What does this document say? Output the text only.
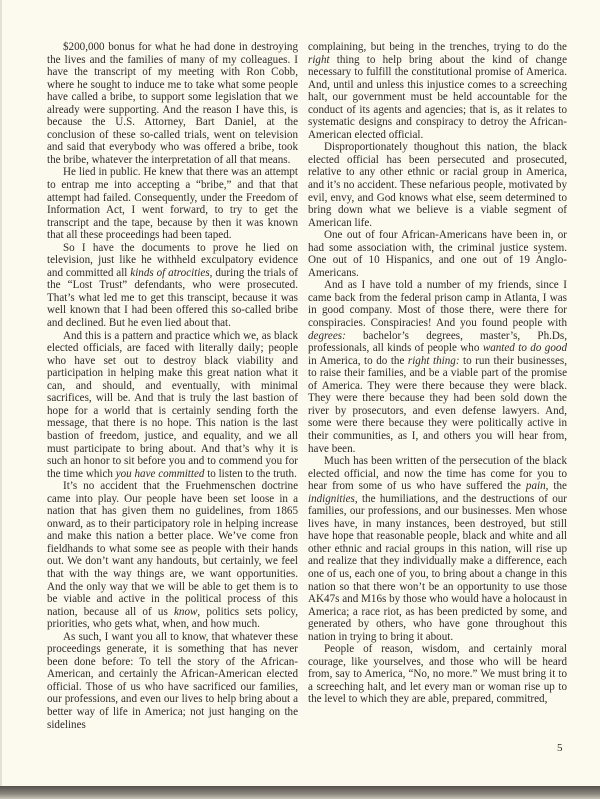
$200,000 bonus for what he had done in destroying the lives and the families of many of my colleagues. I have the transcript of my meeting with Ron Cobb, where he sought to induce me to take what some people have called a bribe, to support some legislation that we already were supporting. And the reason I have this, is because the U.S. Attorney, Bart Daniel, at the conclusion of these so-called trials, went on television and said that everybody who was offered a bribe, took the bribe, whatever the interpretation of all that means.

He lied in public. He knew that there was an attempt to entrap me into accepting a “bribe,” and that that attempt had failed. Consequently, under the Freedom of Information Act, I went forward, to try to get the transcript and the tape, because by then it was known that all these proceedings had been taped.

So I have the documents to prove he lied on television, just like he withheld exculpatory evidence and committed all kinds of atrocities, during the trials of the “Lost Trust” defendants, who were prosecuted. That’s what led me to get this transcipt, because it was well known that I had been offered this so-called bribe and declined. But he even lied about that.

And this is a pattern and practice which we, as black elected officials, are faced with literally daily; people who have set out to destroy black viability and participation in helping make this great nation what it can, and should, and eventually, with minimal sacrifices, will be. And that is truly the last bastion of hope for a world that is certainly sending forth the message, that there is no hope. This nation is the last bastion of freedom, justice, and equality, and we all must participate to bring about. And that’s why it is such an honor to sit before you and to commend you for the time which you have committed to listen to the truth.

It’s no accident that the Fruehmenschen doctrine came into play. Our people have been set loose in a nation that has given them no guidelines, from 1865 onward, as to their participatory role in helping increase and make this nation a better place. We’ve come fron fieldhands to what some see as people with their hands out. We don’t want any handouts, but certainly, we feel that with the way things are, we want opportunities. And the only way that we will be able to get them is to be viable and active in the political process of this nation, because all of us know, politics sets policy, priorities, who gets what, when, and how much.

As such, I want you all to know, that whatever these proceedings generate, it is something that has never been done before: To tell the story of the African-American, and certainly the African-American elected official. Those of us who have sacrificed our families, our professions, and even our lives to help bring about a better way of life in America; not just hanging on the sidelines

complaining, but being in the trenches, trying to do the right thing to help bring about the kind of change necessary to fulfill the constitutional promise of America. And, until and unless this injustice comes to a screeching halt, our government must be held accountable for the conduct of its agents and agencies; that is, as it relates to systematic designs and conspiracy to detroy the African-American elected official.

Disproportionately thoughout this nation, the black elected official has been persecuted and prosecuted, relative to any other ethnic or racial group in America, and it’s no accident. These nefarious people, motivated by evil, envy, and God knows what else, seem determined to bring down what we believe is a viable segment of American life.

One out of four African-Americans have been in, or had some association with, the criminal justice system. One out of 10 Hispanics, and one out of 19 Anglo-Americans.

And as I have told a number of my friends, since I came back from the federal prison camp in Atlanta, I was in good company. Most of those there, were there for conspiracies. Conspiracies! And you found people with degrees: bachelor’s degrees, master’s, Ph.Ds, professionals, all kinds of people who wanted to do good in America, to do the right thing: to run their businesses, to raise their families, and be a viable part of the promise of America. They were there because they were black. They were there because they had been sold down the river by prosecutors, and even defense lawyers. And, some were there because they were politically active in their communities, as I, and others you will hear from, have been.

Much has been written of the persecution of the black elected official, and now the time has come for you to hear from some of us who have suffered the pain, the indignities, the humiliations, and the destructions of our families, our professions, and our businesses. Men whose lives have, in many instances, been destroyed, but still have hope that reasonable people, black and white and all other ethnic and racial groups in this nation, will rise up and realize that they individually make a difference, each one of us, each one of you, to bring about a change in this nation so that there won’t be an opportunity to use those AK47s and M16s by those who would have a holocaust in America; a race riot, as has been predicted by some, and generated by others, who have gone throughout this nation in trying to bring it about.

People of reason, wisdom, and certainly moral courage, like yourselves, and those who will be heard from, say to America, “No, no more.” We must bring it to a screeching halt, and let every man or woman rise up to the level to which they are able, prepared, commitred,

5
